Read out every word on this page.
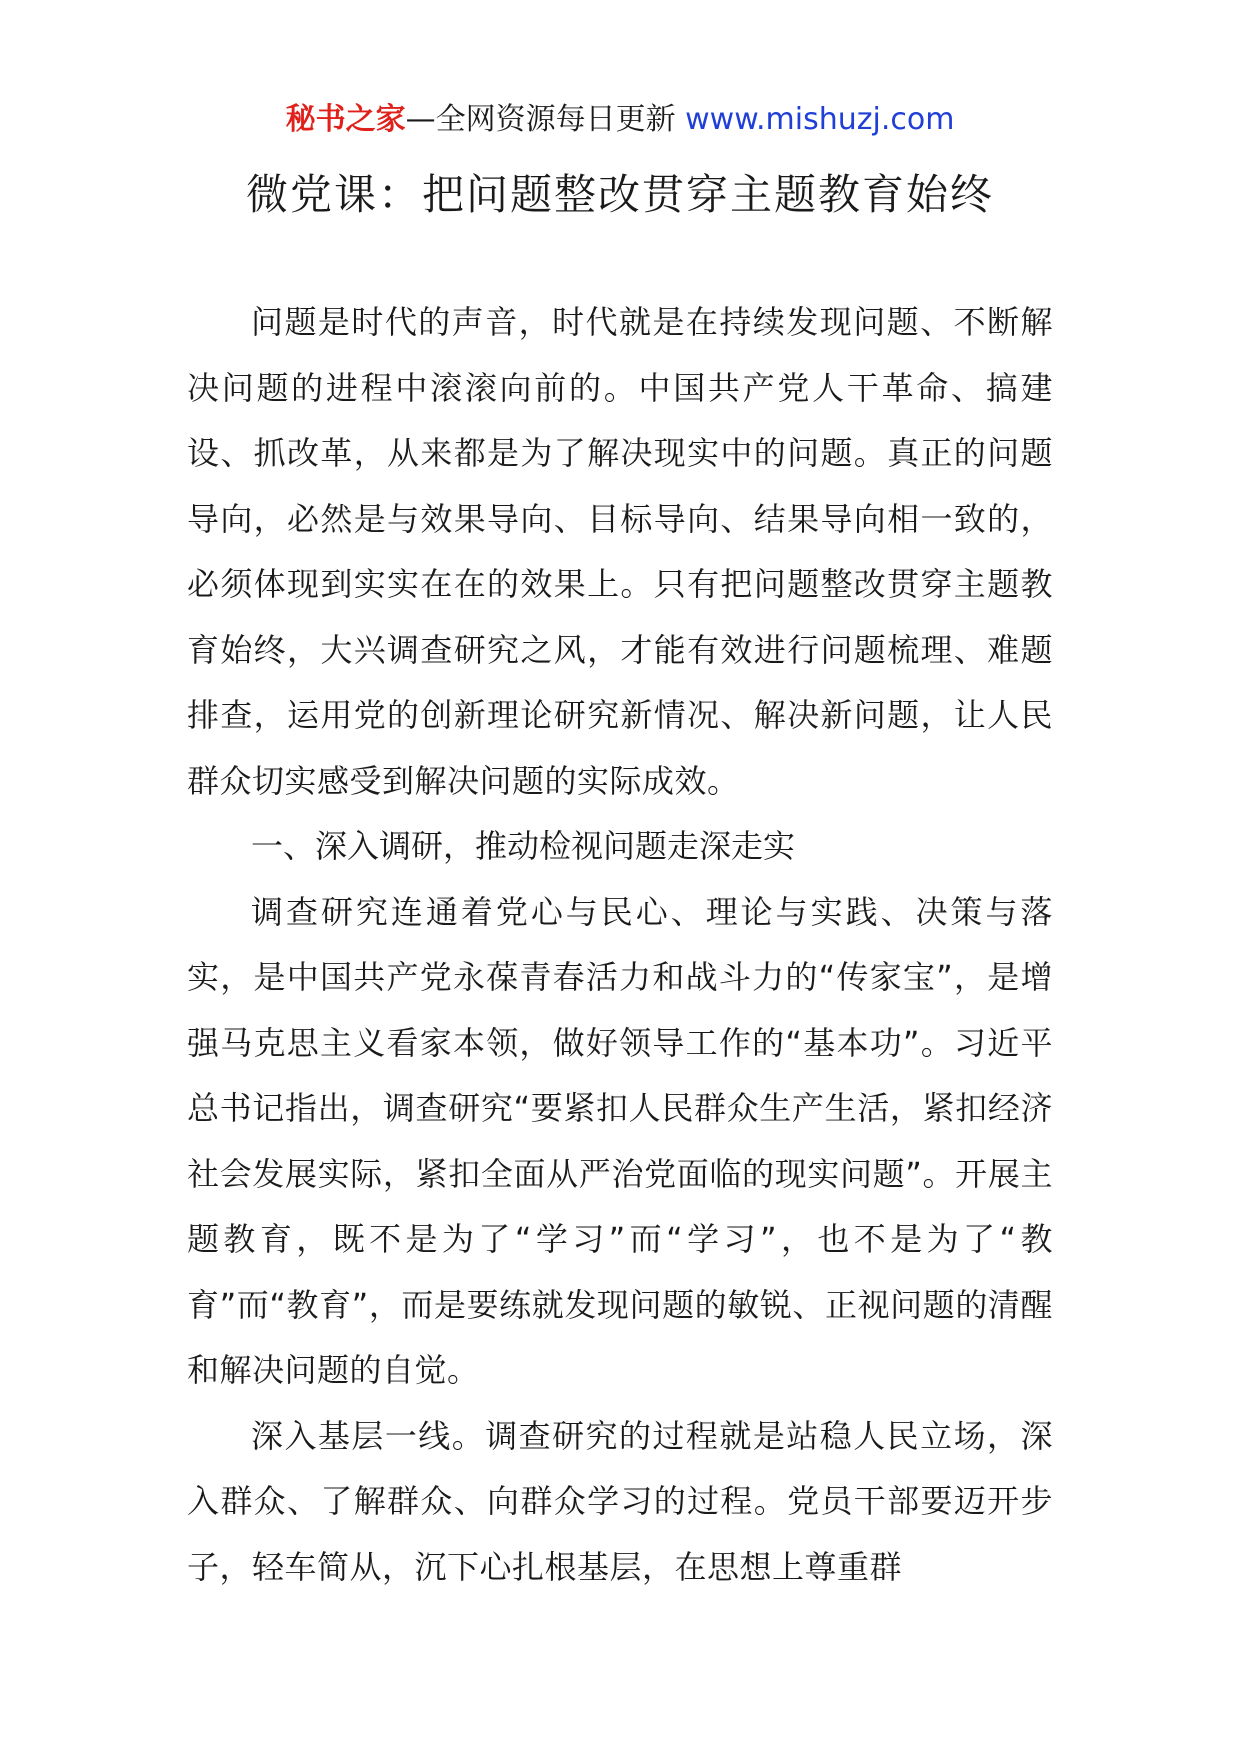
秘书之家—全网资源每日更新 www.mishuzj.com
微党课：把问题整改贯穿主题教育始终

问题是时代的声音，时代就是在持续发现问题、不断解决问题的进程中滚滚向前的。中国共产党人干革命、搞建设、抓改革，从来都是为了解决现实中的问题。真正的问题导向，必然是与效果导向、目标导向、结果导向相一致的，必须体现到实实在在的效果上。只有把问题整改贯穿主题教育始终，大兴调查研究之风，才能有效进行问题梳理、难题排查，运用党的创新理论研究新情况、解决新问题，让人民群众切实感受到解决问题的实际成效。

一、深入调研，推动检视问题走深走实

调查研究连通着党心与民心、理论与实践、决策与落实，是中国共产党永葆青春活力和战斗力的“传家宝”，是增强马克思主义看家本领，做好领导工作的“基本功”。习近平总书记指出，调查研究“要紧扣人民群众生产生活，紧扣经济社会发展实际，紧扣全面从严治党面临的现实问题”。开展主题教育，既不是为了“学习”而“学习”，也不是为了“教育”而“教育”，而是要练就发现问题的敏锐、正视问题的清醒和解决问题的自觉。

深入基层一线。调查研究的过程就是站稳人民立场，深入群众、了解群众、向群众学习的过程。党员干部要迈开步子，轻车简从，沉下心扎根基层，在思想上尊重群
